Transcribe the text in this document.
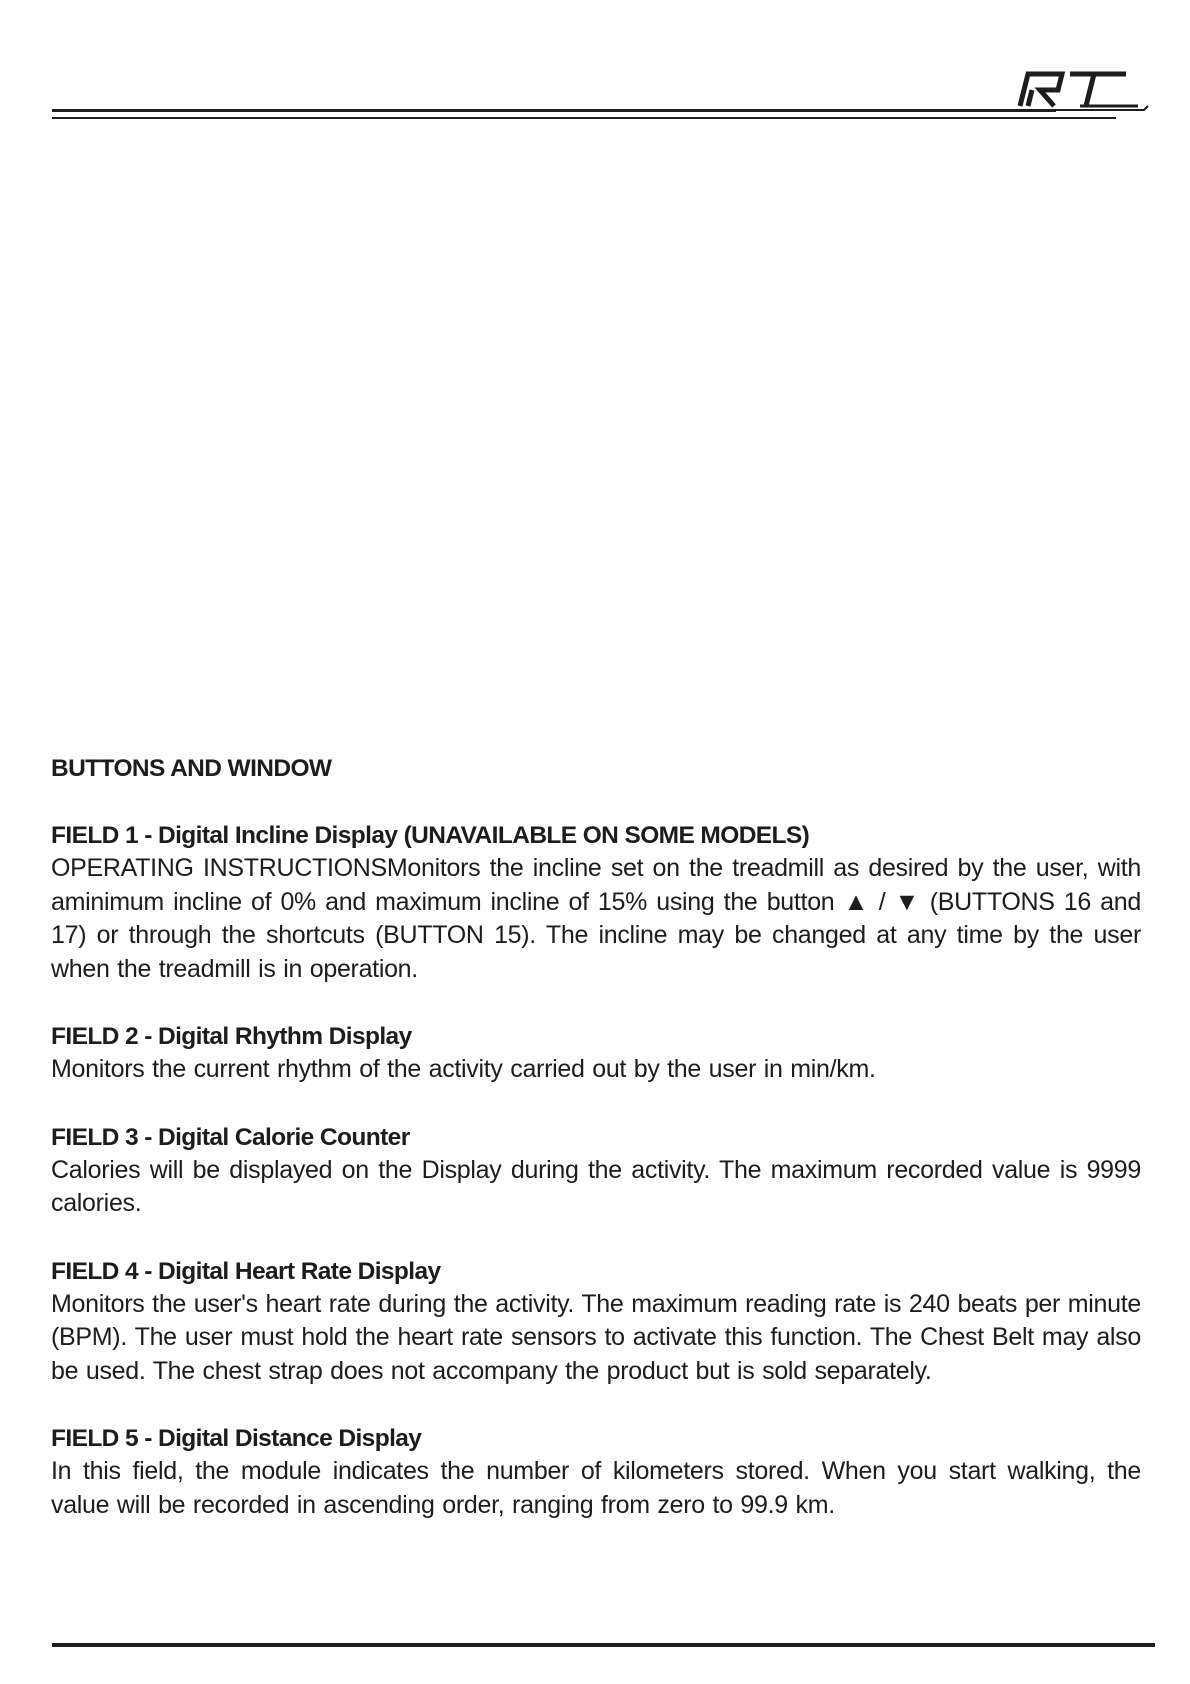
BUTTONS AND WINDOW
FIELD 1 - Digital Incline Display (UNAVAILABLE ON SOME MODELS)

OPERATING INSTRUCTIONSMonitors the incline set on the treadmill as desired by the user, with aminimum incline of 0% and maximum incline of 15% using the button ▲ / ▼ (BUTTONS 16 and 17) or through the shortcuts (BUTTON 15). The incline may be changed at any time by the user when the treadmill is in operation.

FIELD 2 - Digital Rhythm Display

Monitors the current rhythm of the activity carried out by the user in min/km.

FIELD 3 - Digital Calorie Counter

Calories will be displayed on the Display during the activity. The maximum recorded value is 9999 calories.

FIELD 4 - Digital Heart Rate Display

Monitors the user's heart rate during the activity. The maximum reading rate is 240 beats per minute (BPM). The user must hold the heart rate sensors to activate this function. The Chest Belt may also be used. The chest strap does not accompany the product but is sold separately.

FIELD 5 - Digital Distance Display

In this field, the module indicates the number of kilometers stored. When you start walking, the value will be recorded in ascending order, ranging from zero to 99.9 km.
